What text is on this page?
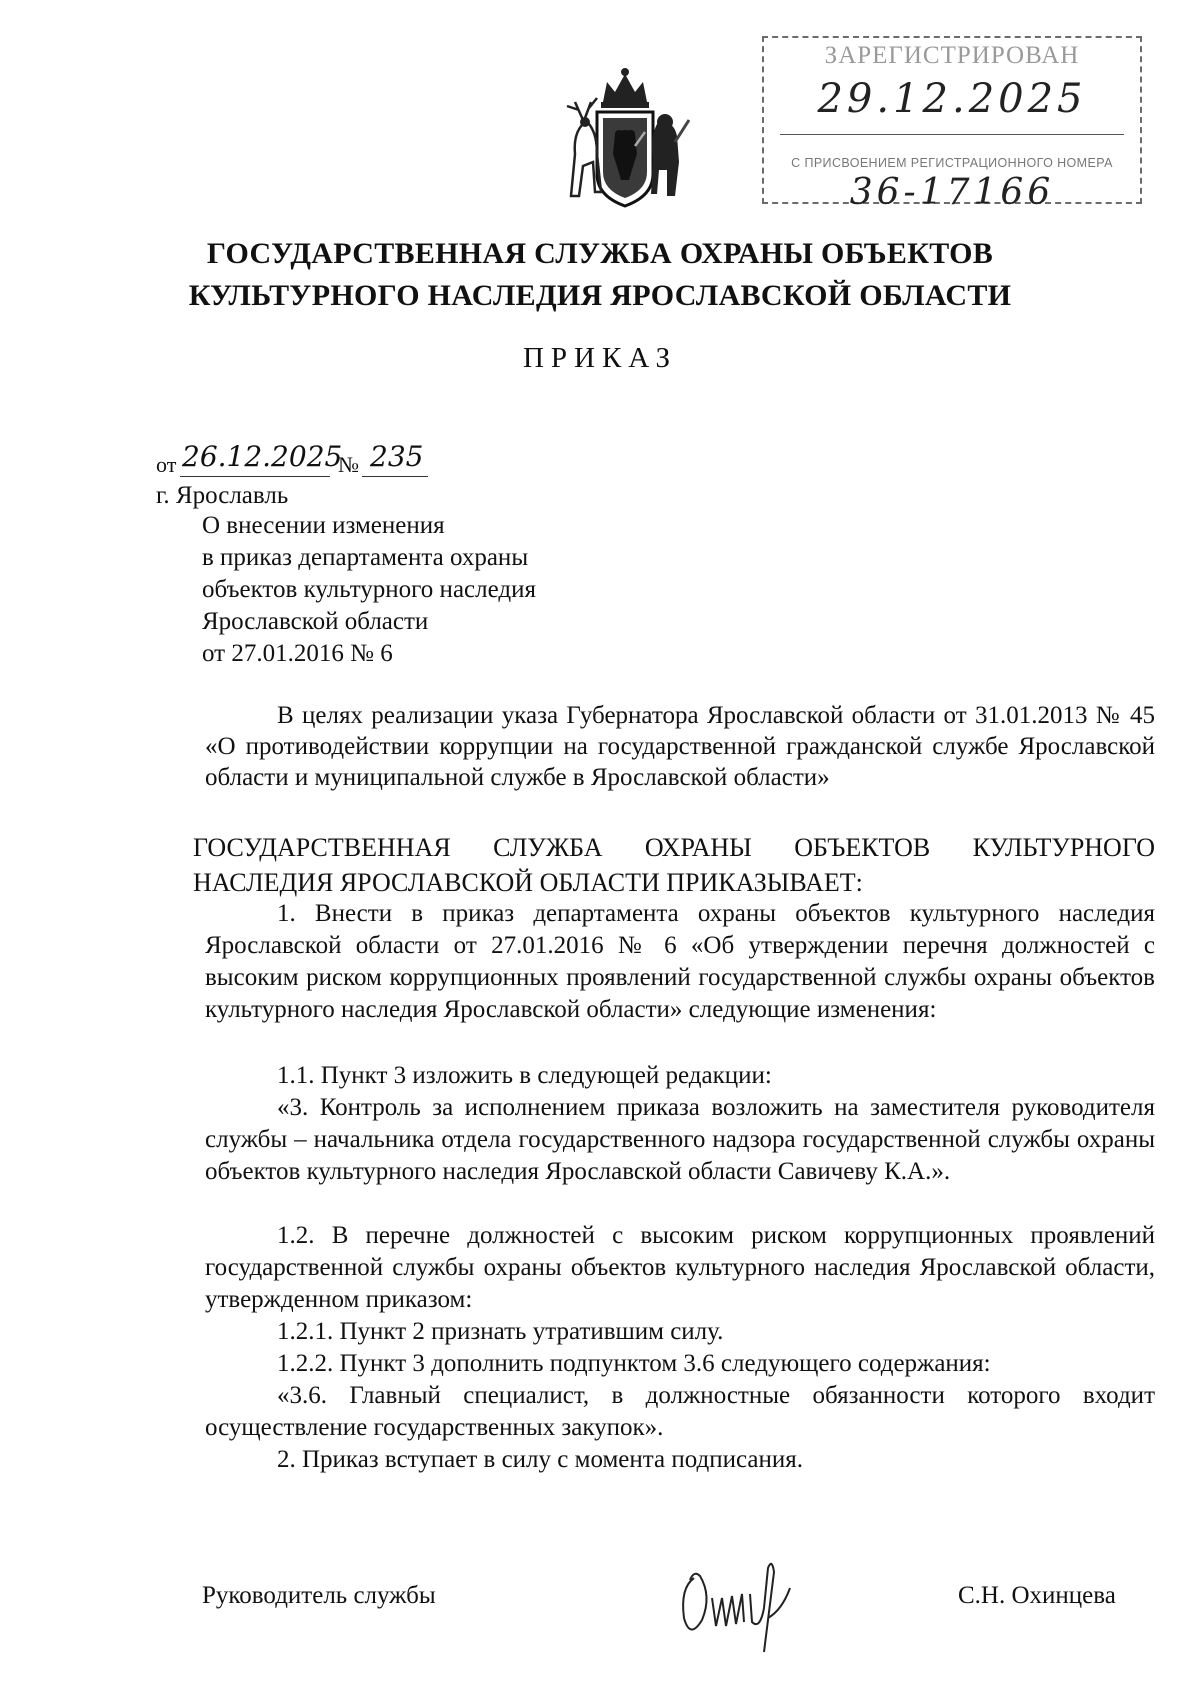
ЗАРЕГИСТРИРОВАН
29.12.2025
С ПРИСВОЕНИЕМ РЕГИСТРАЦИОННОГО НОМЕРА
36-17166
ГОСУДАРСТВЕННАЯ СЛУЖБА ОХРАНЫ ОБЪЕКТОВ
КУЛЬТУРНОГО НАСЛЕДИЯ ЯРОСЛАВСКОЙ ОБЛАСТИ
ПРИКАЗ
от 26.12.2025
№ 235
г. Ярославль
О внесении изменения
в приказ департамента охраны
объектов культурного наследия
Ярославской области
от 27.01.2016 № 6
В целях реализации указа Губернатора Ярославской области от 31.01.2013 № 45 «О противодействии коррупции на государственной гражданской службе Ярославской области и муниципальной службе в Ярославской области»
ГОСУДАРСТВЕННАЯ СЛУЖБА ОХРАНЫ ОБЪЕКТОВ КУЛЬТУРНОГО НАСЛЕДИЯ ЯРОСЛАВСКОЙ ОБЛАСТИ ПРИКАЗЫВАЕТ:
1. Внести в приказ департамента охраны объектов культурного наследия Ярославской области от 27.01.2016 № 6 «Об утверждении перечня должностей с высоким риском коррупционных проявлений государственной службы охраны объектов культурного наследия Ярославской области» следующие изменения:
1.1. Пункт 3 изложить в следующей редакции:
«3. Контроль за исполнением приказа возложить на заместителя руководителя службы – начальника отдела государственного надзора государственной службы охраны объектов культурного наследия Ярославской области Савичеву К.А.».
1.2. В перечне должностей с высоким риском коррупционных проявлений государственной службы охраны объектов культурного наследия Ярославской области, утвержденном приказом:
1.2.1. Пункт 2 признать утратившим силу.
1.2.2. Пункт 3 дополнить подпунктом 3.6 следующего содержания:
«3.6. Главный специалист, в должностные обязанности которого входит осуществление государственных закупок».
2. Приказ вступает в силу с момента подписания.
Руководитель службы	С.Н. Охинцева
